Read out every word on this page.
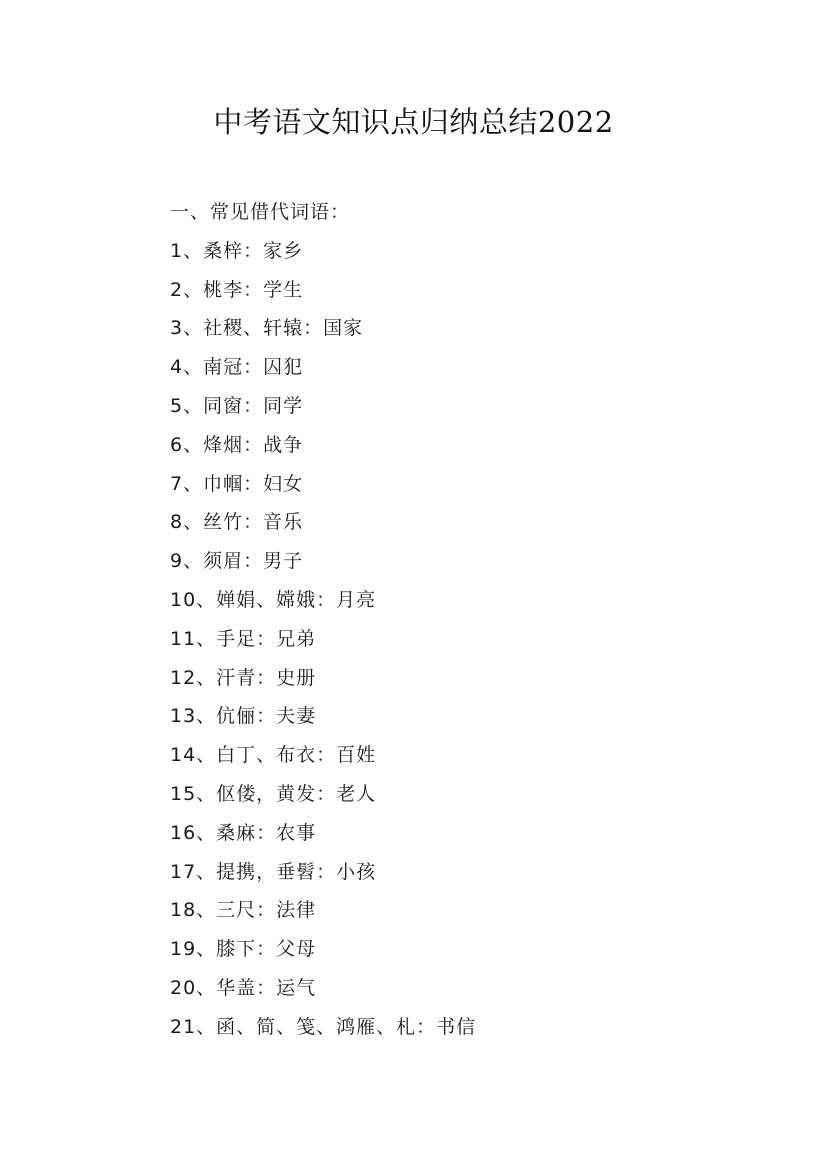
中考语文知识点归纳总结2022

一、常见借代词语：

1、桑梓：家乡
2、桃李：学生
3、社稷、轩辕：国家
4、南冠：囚犯
5、同窗：同学
6、烽烟：战争
7、巾帼：妇女
8、丝竹：音乐
9、须眉：男子
10、婵娟、嫦娥：月亮
11、手足：兄弟
12、汗青：史册
13、伉俪：夫妻
14、白丁、布衣：百姓
15、伛偻，黄发：老人
16、桑麻：农事
17、提携，垂髫：小孩
18、三尺：法律
19、膝下：父母
20、华盖：运气
21、函、简、笺、鸿雁、札：书信
